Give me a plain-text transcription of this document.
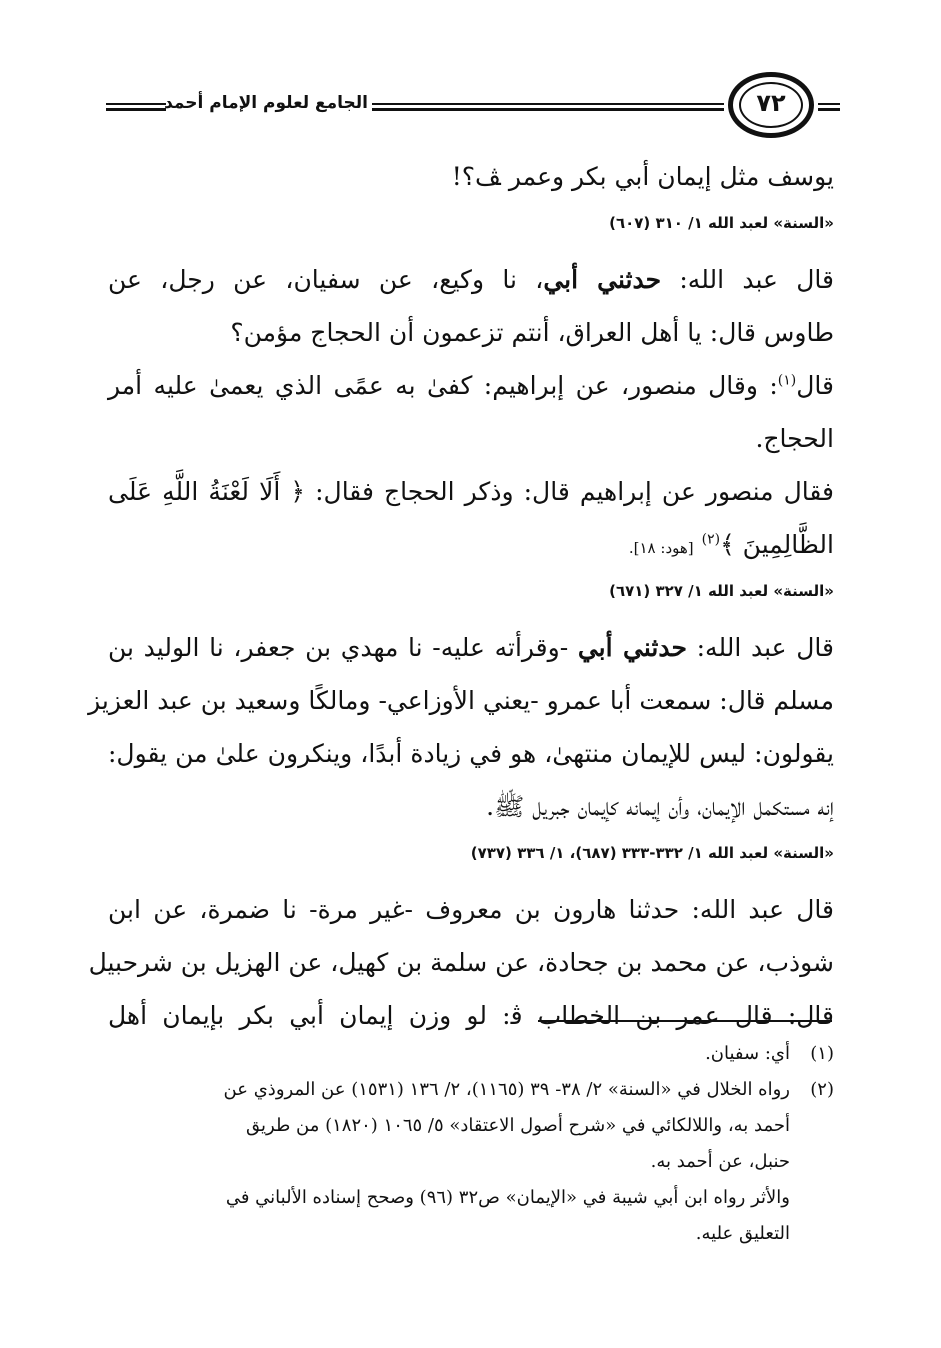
الجامع لعلوم الإمام أحمد	٧٢
يوسف مثل إيمان أبي بكر وعمر ﭫ؟!
«السنة» لعبد الله ١/ ٣١٠ (٦٠٧)
قال عبد الله: حدثني أبي، نا وكيع، عن سفيان، عن رجل، عن
طاوس قال: يا أهل العراق، أنتم تزعمون أن الحجاج مؤمن؟
قال$^{(١)}$: وقال منصور، عن إبراهيم: كفىٰ به عمًى الذي يعمىٰ عليه أمر
الحجاج.
فقال منصور عن إبراهيم قال: وذكر الحجاج فقال: ﴿ أَلَا لَعْنَةُ اللَّهِ عَلَى
الظَّالِمِينَ ﴾$^{(٢)}$ [هود: ١٨].
«السنة» لعبد الله ١/ ٣٢٧ (٦٧١)
قال عبد الله: حدثني أبي -وقرأته عليه- نا مهدي بن جعفر، نا الوليد بن
مسلم قال: سمعت أبا عمرو -يعني الأوزاعي- ومالكًا وسعيد بن عبد العزيز
يقولون: ليس للإيمان منتهىٰ، هو في زيادة أبدًا، وينكرون علىٰ من يقول:
إنه مستكمل الإيمان، وأن إيمانه كإيمان جبريل ﷺ.
«السنة» لعبد الله ١/ ٣٣٢-٣٣٣ (٦٨٧)، ١/ ٣٣٦ (٧٣٧)
قال عبد الله: حدثنا هارون بن معروف -غير مرة- نا ضمرة، عن ابن
شوذب، عن محمد بن جحادة، عن سلمة بن كهيل، عن الهزيل بن شرحبيل
قال: قال عمر بن الخطاب ﭬ: لو وزن إيمان أبي بكر بإيمان أهل
(١)أي: سفيان.
(٢)رواه الخلال في «السنة» ٢/ ٣٨- ٣٩ (١١٦٥)، ٢/ ١٣٦ (١٥٣١) عن المروذي عن
أحمد به، واللالكائي في «شرح أصول الاعتقاد» ٥/ ١٠٦٥ (١٨٢٠) من طريق
حنبل، عن أحمد به.
والأثر رواه ابن أبي شيبة في «الإيمان» ص٣٢ (٩٦) وصحح إسناده الألباني في
التعليق عليه.
